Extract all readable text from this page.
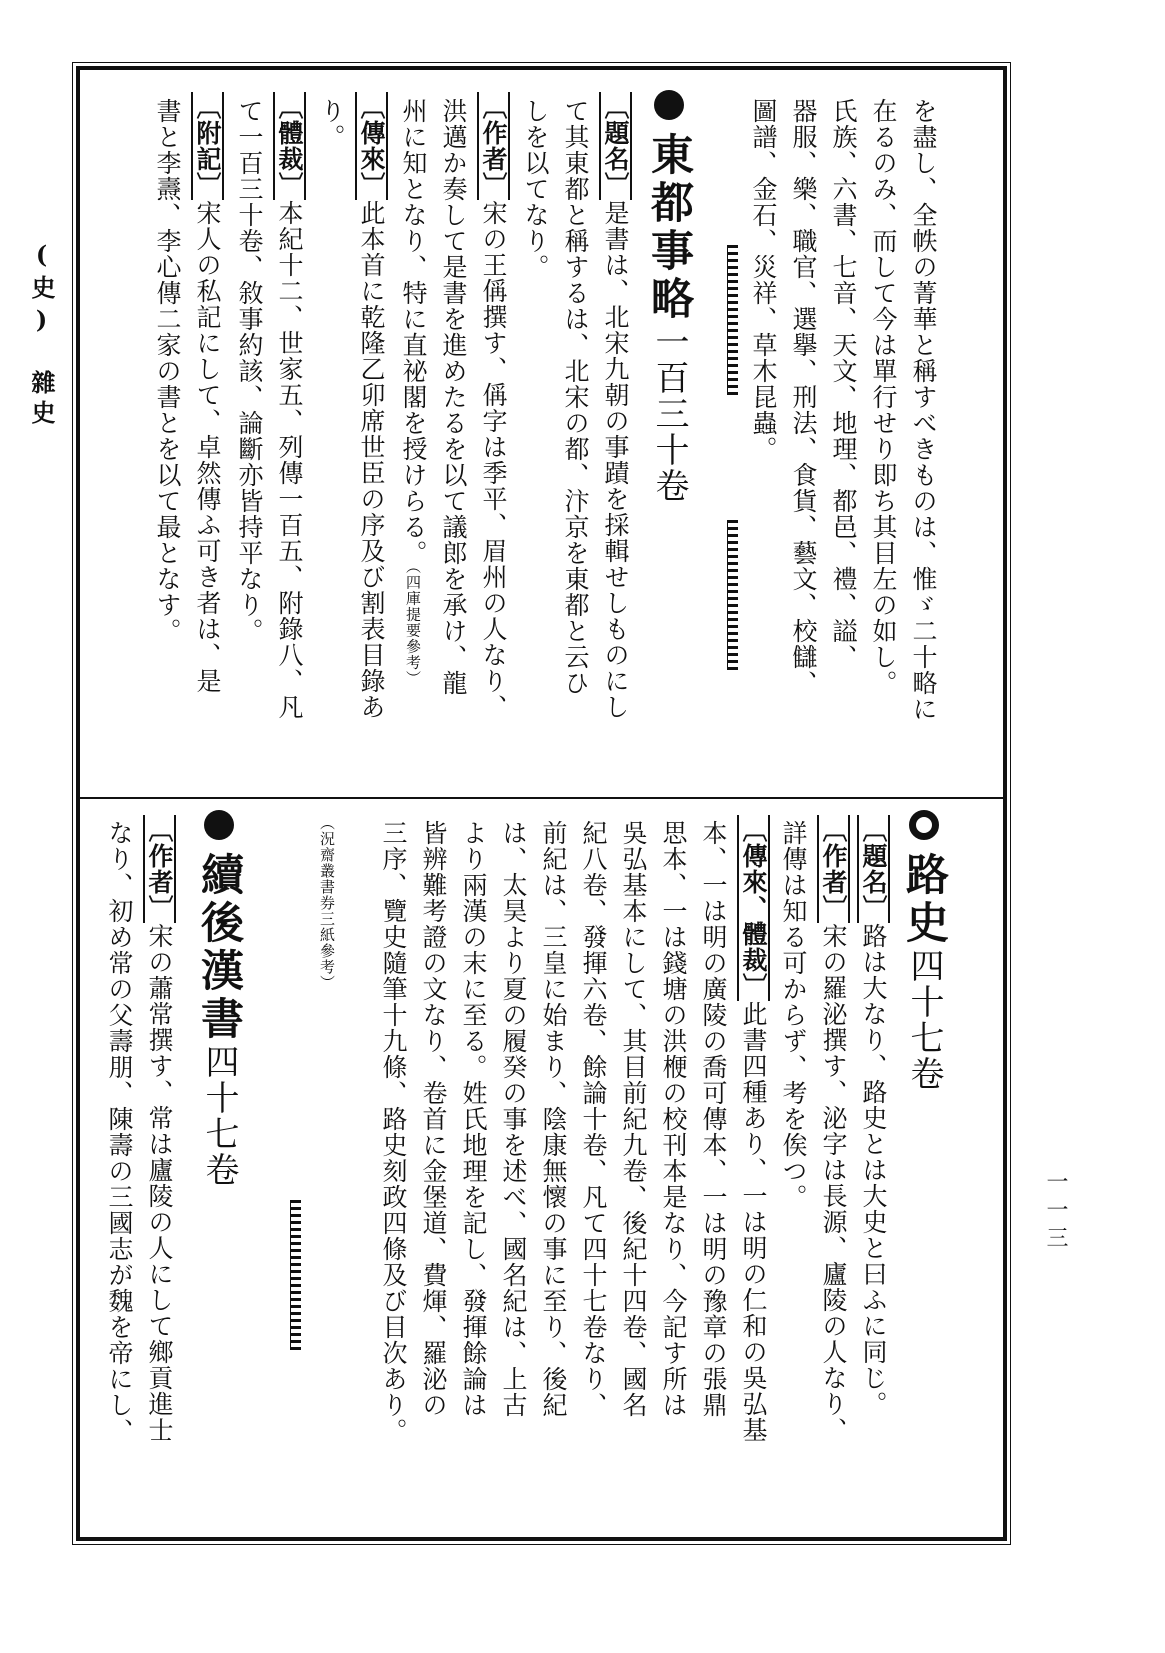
(史)　雜史
一一三
を盡し、全帙の菁華と稱すべきものは、惟ゞ二十略に
在るのみ、而して今は單行せり即ち其目左の如し。
氏族、六書、七音、天文、地理、都邑、禮、謚、
器服、樂、職官、選擧、刑法、食貨、藝文、校讎、
圖譜、金石、災祥、草木昆蟲。
東都事略一百三十卷
〔題名〕是書は、北宋九朝の事蹟を採輯せしものにし
て其東都と稱するは、北宋の都、汴京を東都と云ひ
しを以てなり。
〔作者〕宋の王偁撰す、偁字は季平、眉州の人なり、
洪邁か奏して是書を進めたるを以て議郎を承け、龍
州に知となり、特に直祕閣を授けらる。（四庫提要參考）
〔傳來〕此本首に乾隆乙卯席世臣の序及び割表目錄あ
り。
〔體裁〕本紀十二、世家五、列傳一百五、附錄八、凡
て一百三十卷、敘事約該、論斷亦皆持平なり。
〔附記〕宋人の私記にして、卓然傳ふ可き者は、是
書と李燾、李心傳二家の書とを以て最となす。
路史四十七卷
〔題名〕路は大なり、路史とは大史と曰ふに同じ。
〔作者〕宋の羅泌撰す、泌字は長源、廬陵の人なり、
詳傳は知る可からず、考を俟つ。
〔傳來、體裁〕此書四種あり、一は明の仁和の吳弘基
本、一は明の廣陵の喬可傳本、一は明の豫章の張鼎
思本、一は錢塘の洪楩の校刊本是なり、今記す所は
吳弘基本にして、其目前紀九卷、後紀十四卷、國名
紀八卷、發揮六卷、餘論十卷、凡て四十七卷なり、
前紀は、三皇に始まり、陰康無懷の事に至り、後紀
は、太昊より夏の履癸の事を述べ、國名紀は、上古
より兩漢の末に至る。姓氏地理を記し、發揮餘論は
皆辨難考證の文なり、卷首に金堡道、費煇、羅泌の
三序、覽史隨筆十九條、路史刻政四條及び目次あり。
（況齋叢書券三紙參考）
續後漢書四十七卷
〔作者〕宋の蕭常撰す、常は廬陵の人にして鄉貢進士
なり、初め常の父壽朋、陳壽の三國志が魏を帝にし、
